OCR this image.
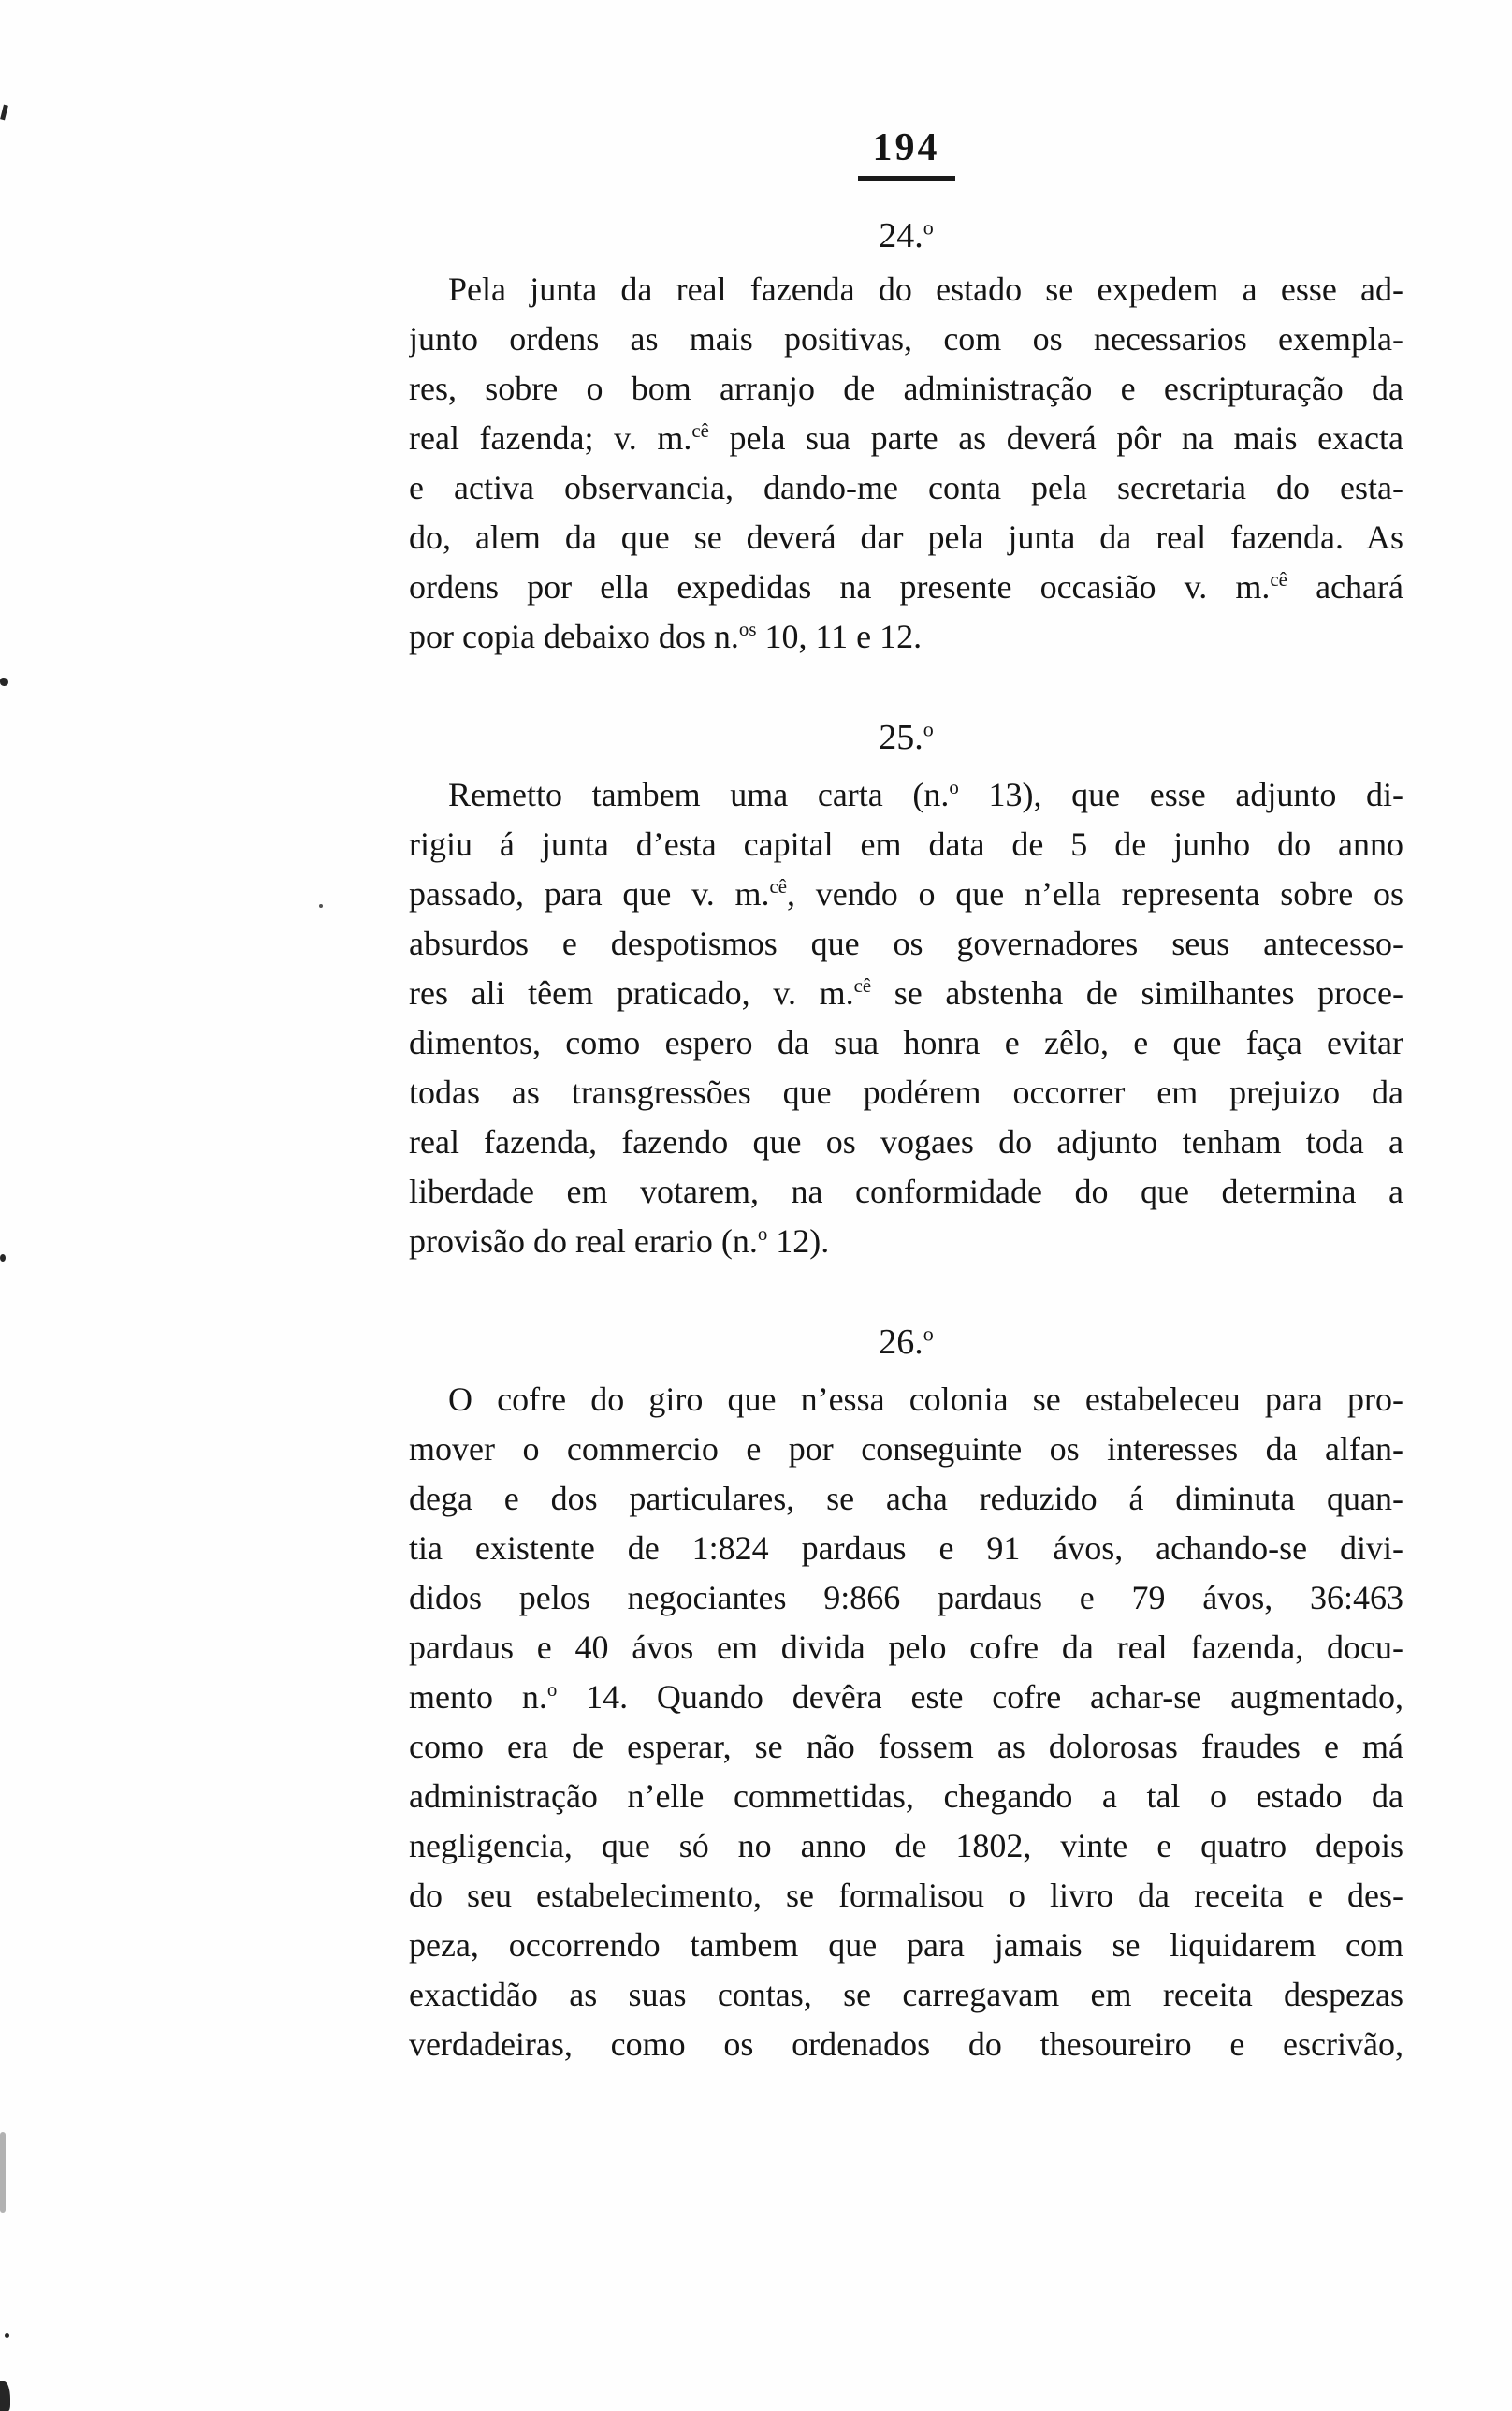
194
24.$^o$
Pela junta da real fazenda do estado se expedem a esse ad-
junto ordens as mais positivas, com os necessarios exempla-
res, sobre o bom arranjo de administração e escripturação da
real fazenda; v. m.$^{cê}$ pela sua parte as deverá pôr na mais exacta
e activa observancia, dando-me conta pela secretaria do esta-
do, alem da que se deverá dar pela junta da real fazenda. As
ordens por ella expedidas na presente occasião v. m.$^{cê}$ achará
por copia debaixo dos n.$^{os}$ 10, 11 e 12.
25.$^o$
Remetto tambem uma carta (n.$^o$ 13), que esse adjunto di-
rigiu á junta d’esta capital em data de 5 de junho do anno
passado, para que v. m.$^{cê}$, vendo o que n’ella representa sobre os
absurdos e despotismos que os governadores seus antecesso-
res ali têem praticado, v. m.$^{cê}$ se abstenha de similhantes proce-
dimentos, como espero da sua honra e zêlo, e que faça evitar
todas as transgressões que podérem occorrer em prejuizo da
real fazenda, fazendo que os vogaes do adjunto tenham toda a
liberdade em votarem, na conformidade do que determina a
provisão do real erario (n.$^o$ 12).
26.$^o$
O cofre do giro que n’essa colonia se estabeleceu para pro-
mover o commercio e por conseguinte os interesses da alfan-
dega e dos particulares, se acha reduzido á diminuta quan-
tia existente de 1:824 pardaus e 91 ávos, achando-se divi-
didos pelos negociantes 9:866 pardaus e 79 ávos, 36:463
pardaus e 40 ávos em divida pelo cofre da real fazenda, docu-
mento n.$^o$ 14. Quando devêra este cofre achar-se augmentado,
como era de esperar, se não fossem as dolorosas fraudes e má
administração n’elle commettidas, chegando a tal o estado da
negligencia, que só no anno de 1802, vinte e quatro depois
do seu estabelecimento, se formalisou o livro da receita e des-
peza, occorrendo tambem que para jamais se liquidarem com
exactidão as suas contas, se carregavam em receita despezas
verdadeiras, como os ordenados do thesoureiro e escrivão,
